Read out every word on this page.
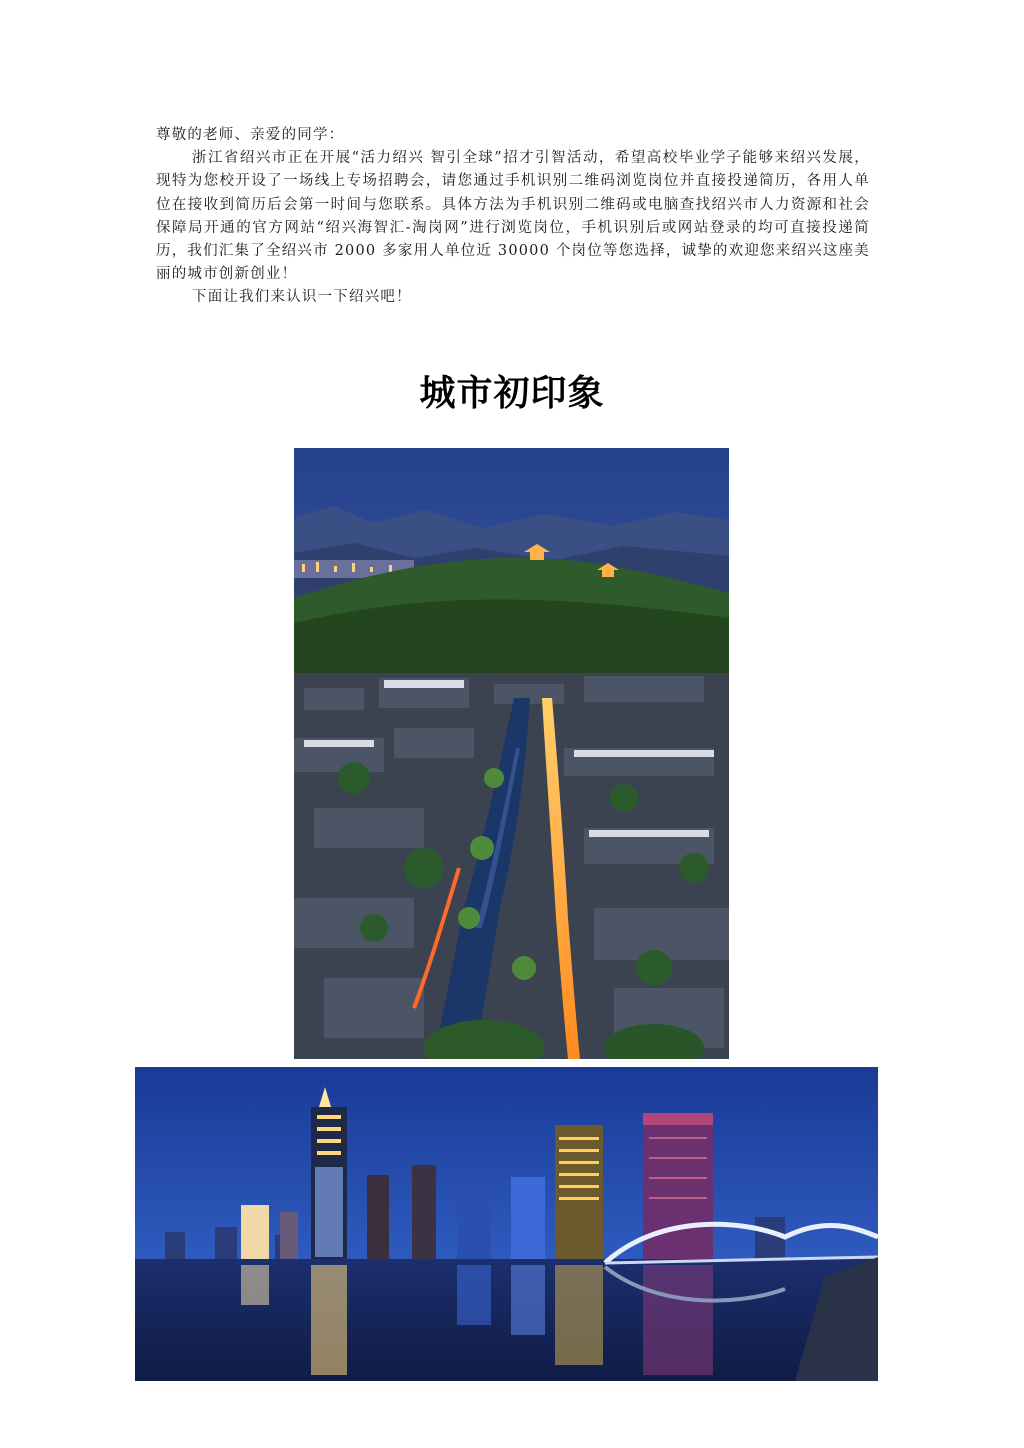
尊敬的老师、亲爱的同学：

浙江省绍兴市正在开展“活力绍兴 智引全球”招才引智活动，希望高校毕业学子能够来绍兴发展，现特为您校开设了一场线上专场招聘会，请您通过手机识别二维码浏览岗位并直接投递简历，各用人单位在接收到简历后会第一时间与您联系。具体方法为手机识别二维码或电脑查找绍兴市人力资源和社会保障局开通的官方网站“绍兴海智汇-淘岗网”进行浏览岗位，手机识别后或网站登录的均可直接投递简历，我们汇集了全绍兴市 2000 多家用人单位近 30000 个岗位等您选择，诚挚的欢迎您来绍兴这座美丽的城市创新创业！

下面让我们来认识一下绍兴吧！

城市初印象
